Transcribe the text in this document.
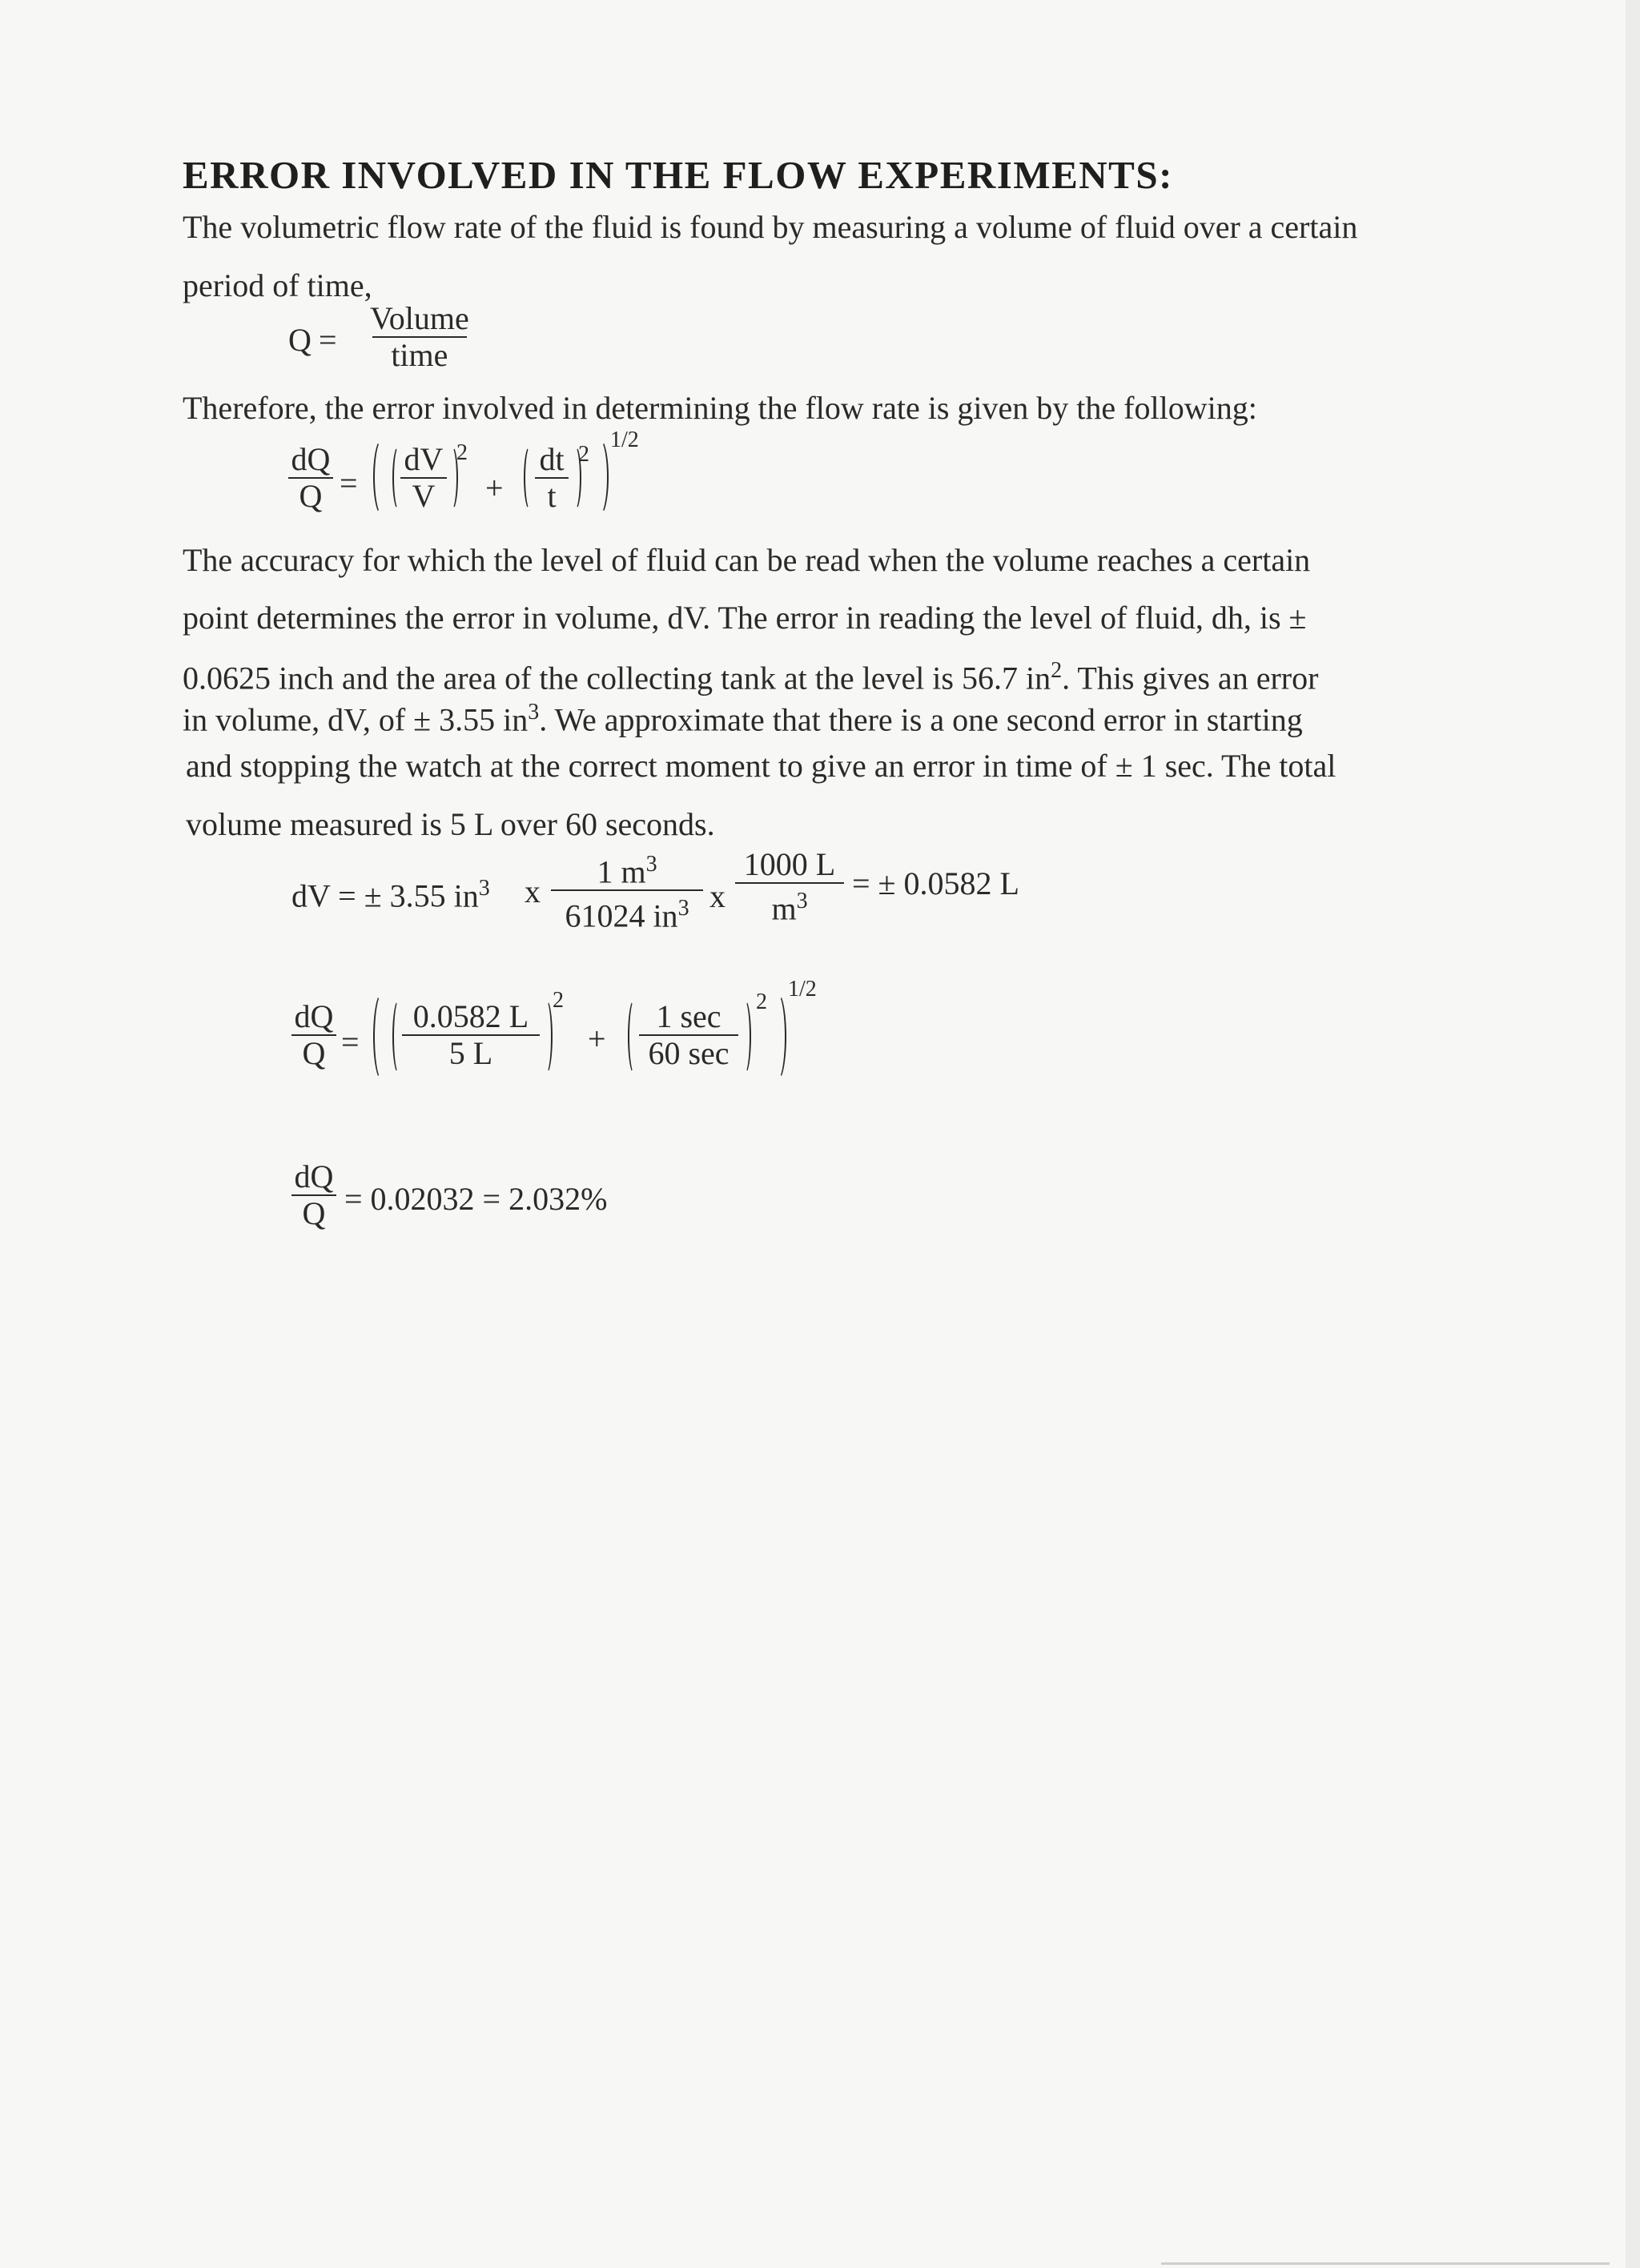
ERROR INVOLVED IN THE FLOW EXPERIMENTS:
The volumetric flow rate of the fluid is found by measuring a volume of fluid over a certain
period of time,
Q =
Volume
time
Therefore, the error involved in determining the flow rate is given by the following:
dQ
Q =
dV
V
2
+
dt
t
2
1/2
The accuracy for which the level of fluid can be read when the volume reaches a certain
point determines the error in volume, dV. The error in reading the level of fluid, dh, is ±
0.0625 inch and the area of the collecting tank at the level is 56.7 $in^2$. This gives an error
in volume, dV, of ± 3.55 $in^3$. We approximate that there is a one second error in starting
and stopping the watch at the correct moment to give an error in time of ± 1 sec. The total
volume measured is 5 L over 60 seconds.
dV = ± 3.55 $in^3$ x
1 $m^3$
61024 $in^3$ x
1000 L
$m^3$ = ± 0.0582 L
dQ
Q =
0.0582 L
5 L
2
+
1 sec
60 sec
2
1/2
dQ
Q = 0.02032 = 2.032%
